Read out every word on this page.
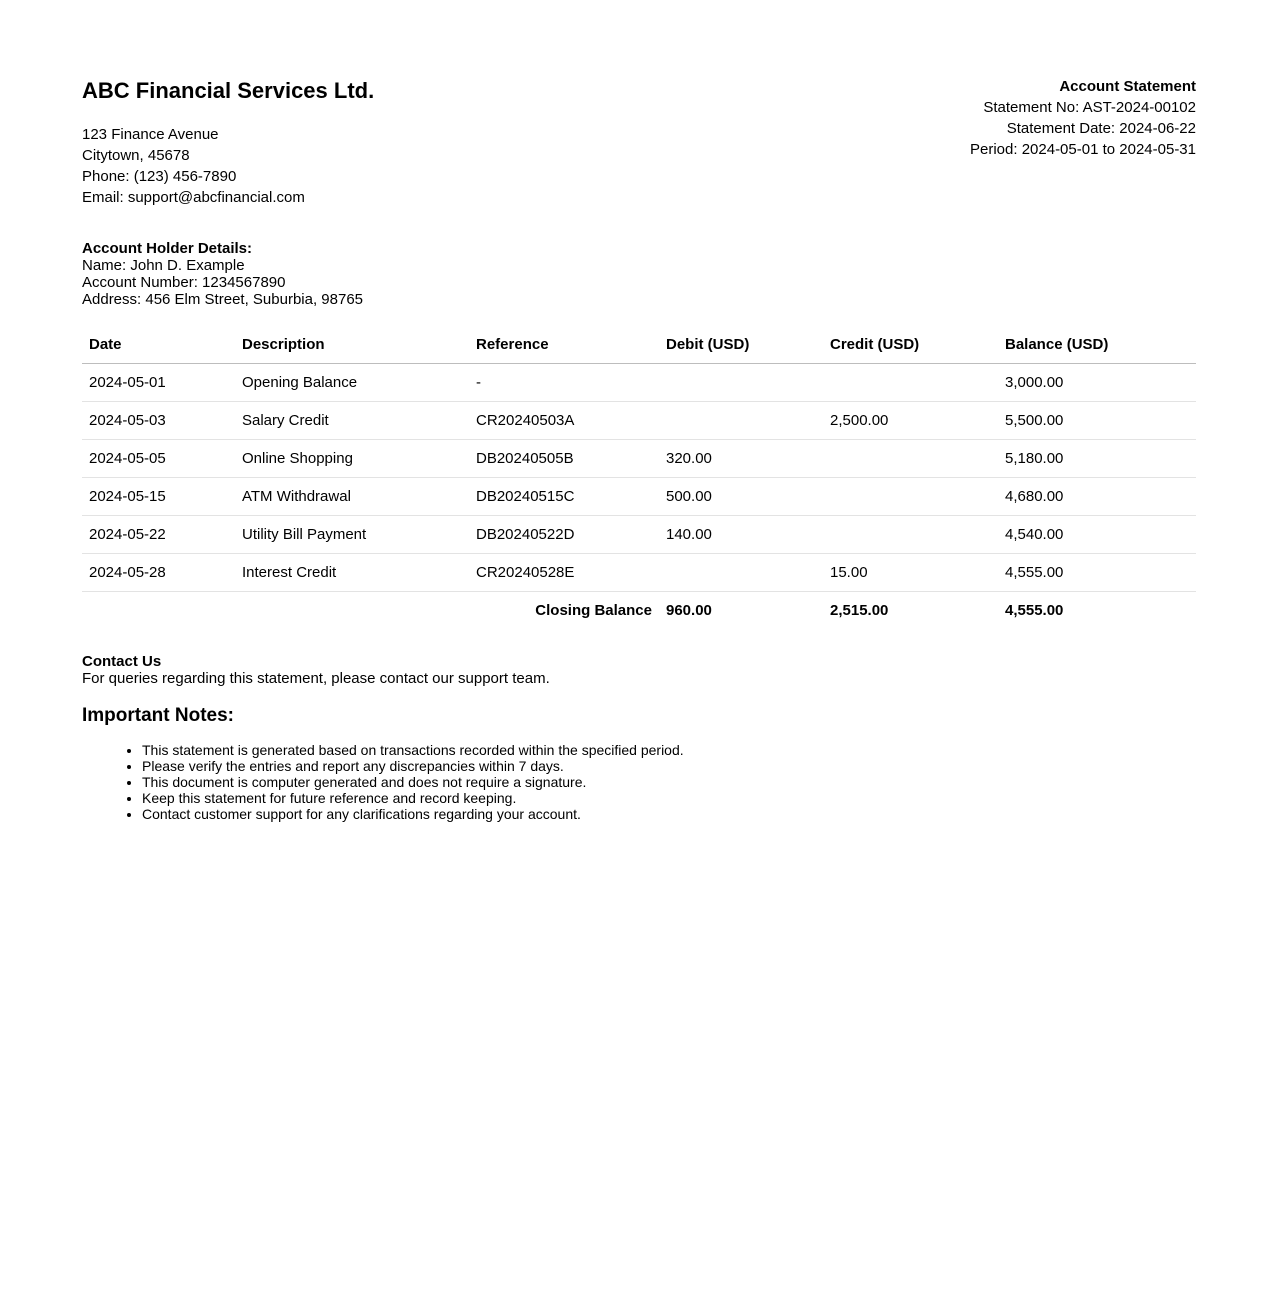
ABC Financial Services Ltd.
123 Finance Avenue
Citytown, 45678
Phone: (123) 456-7890
Email: support@abcfinancial.com
Account Statement
Statement No: AST-2024-00102
Statement Date: 2024-06-22
Period: 2024-05-01 to 2024-05-31
Account Holder Details:
Name: John D. Example
Account Number: 1234567890
Address: 456 Elm Street, Suburbia, 98765
Date	Description	Reference	Debit (USD)	Credit (USD)	Balance (USD)
2024-05-01	Opening Balance	-			3,000.00
2024-05-03	Salary Credit	CR20240503A		2,500.00	5,500.00
2024-05-05	Online Shopping	DB20240505B	320.00		5,180.00
2024-05-15	ATM Withdrawal	DB20240515C	500.00		4,680.00
2024-05-22	Utility Bill Payment	DB20240522D	140.00		4,540.00
2024-05-28	Interest Credit	CR20240528E		15.00	4,555.00
Closing Balance			960.00	2,515.00	4,555.00
Contact Us
For queries regarding this statement, please contact our support team.
Important Notes:
• This statement is generated based on transactions recorded within the specified period.
• Please verify the entries and report any discrepancies within 7 days.
• This document is computer generated and does not require a signature.
• Keep this statement for future reference and record keeping.
• Contact customer support for any clarifications regarding your account.
